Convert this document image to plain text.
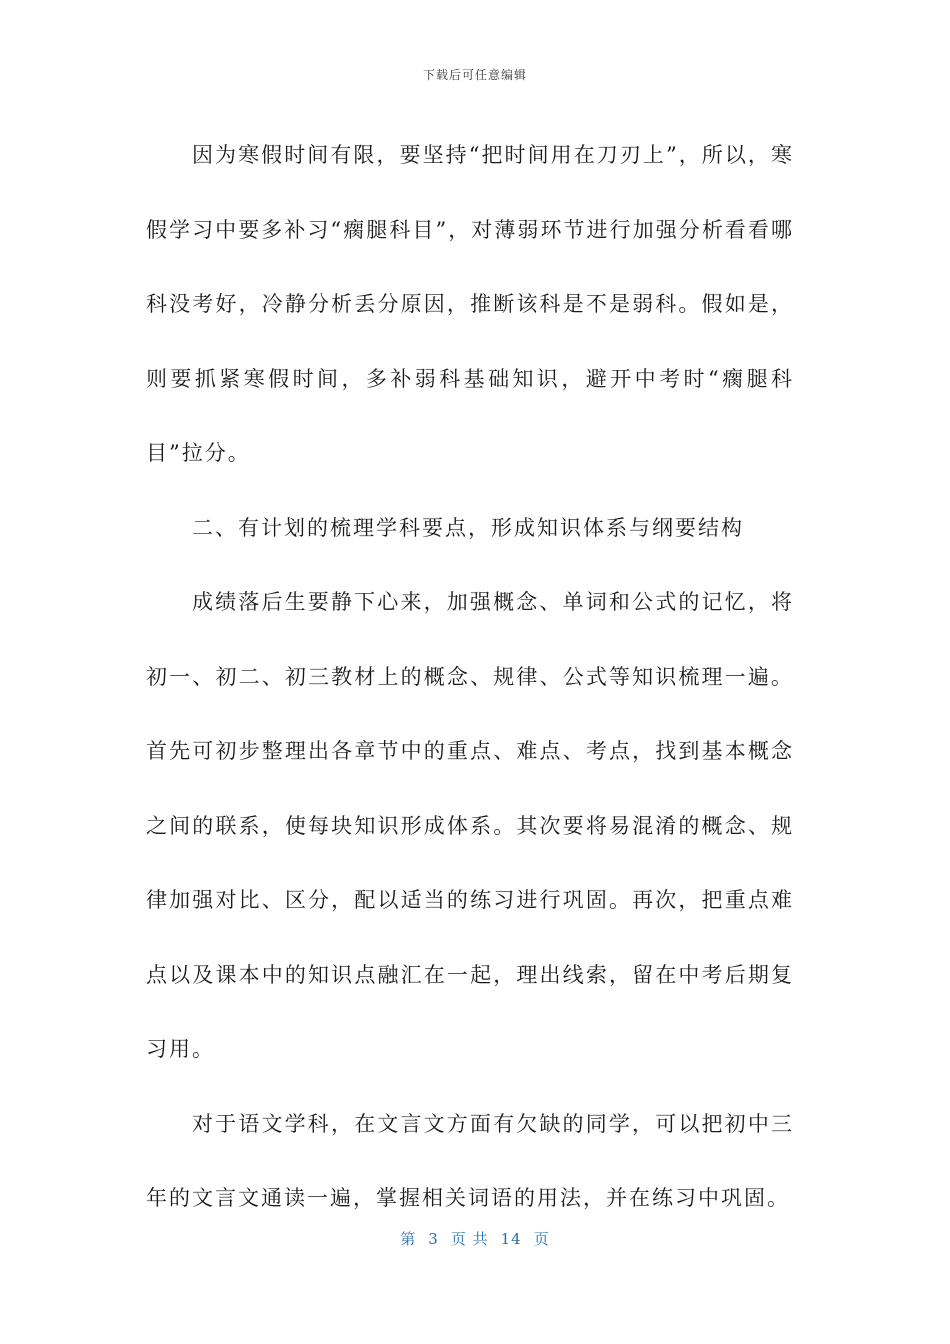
下载后可任意编辑

因为寒假时间有限，要坚持“把时间用在刀刃上”，所以，寒假学习中要多补习“瘸腿科目”，对薄弱环节进行加强分析看看哪科没考好，冷静分析丢分原因，推断该科是不是弱科。假如是，则要抓紧寒假时间，多补弱科基础知识，避开中考时“瘸腿科目”拉分。

二、有计划的梳理学科要点，形成知识体系与纲要结构

成绩落后生要静下心来，加强概念、单词和公式的记忆，将初一、初二、初三教材上的概念、规律、公式等知识梳理一遍。首先可初步整理出各章节中的重点、难点、考点，找到基本概念之间的联系，使每块知识形成体系。其次要将易混淆的概念、规律加强对比、区分，配以适当的练习进行巩固。再次，把重点难点以及课本中的知识点融汇在一起，理出线索，留在中考后期复习用。

对于语文学科，在文言文方面有欠缺的同学，可以把初中三年的文言文通读一遍，掌握相关词语的用法，并在练习中巩固。

第 3 页 共 14 页
